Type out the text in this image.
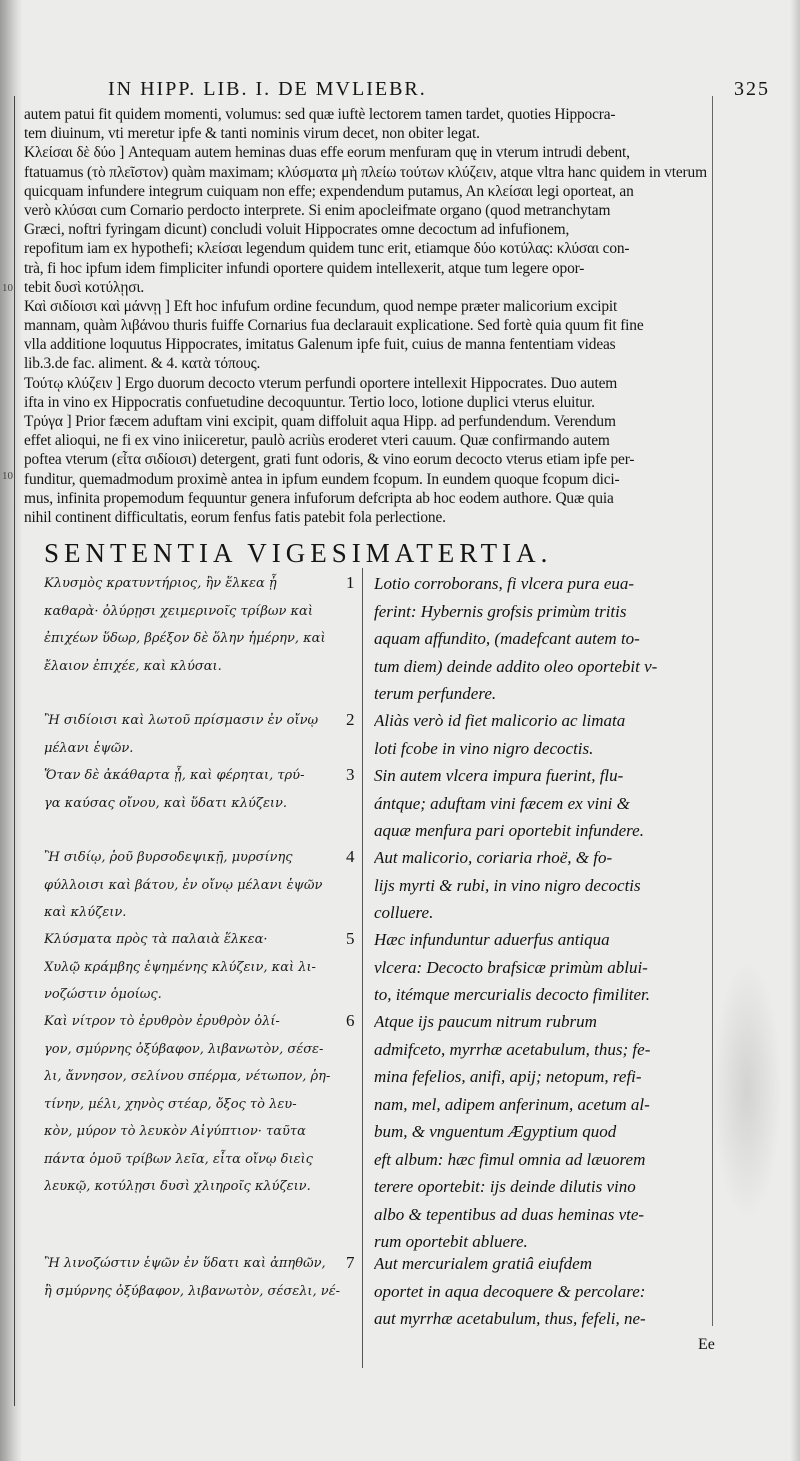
IN HIPP. LIB. I. DE MVLIEBR.	325
autem patui fit quidem momenti, volumus: sed quæ iuftè lectorem tamen tardet, quoties Hippocra-
tem diuinum, vti meretur ipfe & tanti nominis virum decet, non obiter legat.
Κλείσαι δὲ δύο ] Antequam autem heminas duas effe eorum menfuram quę in vterum intrudi debent,
ftatuamus (τὸ πλεῖστον) quàm maximam; κλύσματα μὴ πλείω τούτων κλύζειν, atque vltra hanc quidem in vterum
quicquam infundere integrum cuiquam non effe; expendendum putamus, An κλείσαι legi oporteat, an
verò κλύσαι cum Cornario perdocto interprete. Si enim apocleifmate organo (quod metranchytam
Græci, noftri fyringam dicunt) concludi voluit Hippocrates omne decoctum ad infufionem,
repofitum iam ex hypothefi; κλείσαι legendum quidem tunc erit, etiamque δύο κοτύλας: κλύσαι con-
trà, fi hoc ipfum idem fimpliciter infundi oportere quidem intellexerit, atque tum legere opor-
tebit δυσὶ κοτύλῃσι.
Καὶ σιδίοισι καὶ μάννῃ ] Eft hoc infufum ordine fecundum, quod nempe præter malicorium excipit
mannam, quàm λιβάνου thuris fuiffe Cornarius fua declarauit explicatione. Sed fortè quia quum fit fine
vlla additione loquutus Hippocrates, imitatus Galenum ipfe fuit, cuius de manna fententiam videas
lib.3.de fac. aliment. & 4. κατὰ τόπους.
Τούτῳ κλύζειν ] Ergo duorum decocto vterum perfundi oportere intellexit Hippocrates. Duo autem
ifta in vino ex Hippocratis confuetudine decoquuntur. Tertio loco, lotione duplici vterus eluitur.
Τρύγα ] Prior fæcem aduftam vini excipit, quam diffoluit aqua Hipp. ad perfundendum. Verendum
effet alioqui, ne fi ex vino iniiceretur, paulò acriùs eroderet vteri cauum. Quæ confirmando autem
poftea vterum (εἶτα σιδίοισι) detergent, grati funt odoris, & vino eorum decocto vterus etiam ipfe per-
funditur, quemadmodum proximè antea in ipfum eundem fcopum. In eundem quoque fcopum dici-
mus, infinita propemodum fequuntur genera infuforum defcripta ab hoc eodem authore. Quæ quia
nihil continent difficultatis, eorum fenfus fatis patebit fola perlectione.
10
10
SENTENTIA VIGESIMATERTIA.
Κλυσμὸς κρατυντήριος, ἢν ἕλκεα ᾖ
καθαρὰ· ὀλύρῃσι χειμερινοῖς τρίβων καὶ
ἐπιχέων ὕδωρ, βρέξον δὲ ὅλην ἡμέρην, καὶ
ἔλαιον ἐπιχέε, καὶ κλύσαι.
1 Lotio corroborans, fi vlcera pura eua-
ferint: Hybernis grofsis primùm tritis
aquam affundito, (madefcant autem to-
tum diem) deinde addito oleo oportebit v-
terum perfundere.
Ἢ σιδίοισι καὶ λωτοῦ πρίσμασιν ἐν οἴνῳ
μέλανι ἑψῶν.
2 Aliàs verò id fiet malicorio ac limata
loti fcobe in vino nigro decoctis.
Ὅταν δὲ ἀκάθαρτα ᾖ, καὶ φέρηται, τρύ-
γα καύσας οἴνου, καὶ ὕδατι κλύζειν.
3 Sin autem vlcera impura fuerint, flu-
ántque; aduftam vini fæcem ex vini &
aquæ menfura pari oportebit infundere.
Ἢ σιδίῳ, ῥοῦ βυρσοδεψικῇ, μυρσίνης
φύλλοισι καὶ βάτου, ἐν οἴνῳ μέλανι ἑψῶν
καὶ κλύζειν.
4 Aut malicorio, coriaria rhoë, & fo-
lijs myrti & rubi, in vino nigro decoctis
colluere.
Κλύσματα πρὸς τὰ παλαιὰ ἕλκεα·
Χυλῷ κράμβης ἑψημένης κλύζειν, καὶ λι-
νοζώστιν ὁμοίως.
5 Hæc infunduntur aduerfus antiqua
vlcera: Decocto brafsicæ primùm ablui-
to, itémque mercurialis decocto fimiliter.
Καὶ νίτρον τὸ ἐρυθρὸν ἐρυθρὸν ὀλί-
γον, σμύρνης ὀξύβαφον, λιβανωτὸν, σέσε-
λι, ἄννησον, σελίνου σπέρμα, νέτωπον, ῥη-
τίνην, μέλι, χηνὸς στέαρ, ὄξος τὸ λευ-
κὸν, μύρον τὸ λευκὸν Αἰγύπτιον· ταῦτα
πάντα ὁμοῦ τρίβων λεῖα, εἶτα οἴνῳ διεὶς
λευκῷ, κοτύλῃσι δυσὶ χλιηροῖς κλύζειν.
6 Atque ijs paucum nitrum rubrum
admifceto, myrrhæ acetabulum, thus; fe-
mina fefelios, anifi, apij; netopum, refi-
nam, mel, adipem anferinum, acetum al-
bum, & vnguentum Ægyptium quod
eft album: hæc fimul omnia ad læuorem
terere oportebit: ijs deinde dilutis vino
albo & tepentibus ad duas heminas vte-
rum oportebit abluere.
Ἢ λινοζώστιν ἑψῶν ἐν ὕδατι καὶ ἀπηθῶν,
ἢ σμύρνης ὀξύβαφον, λιβανωτὸν, σέσελι, νέ-
7 Aut mercurialem gratiâ eiufdem
oportet in aqua decoquere & percolare:
aut myrrhæ acetabulum, thus, fefeli, ne-
Ee
